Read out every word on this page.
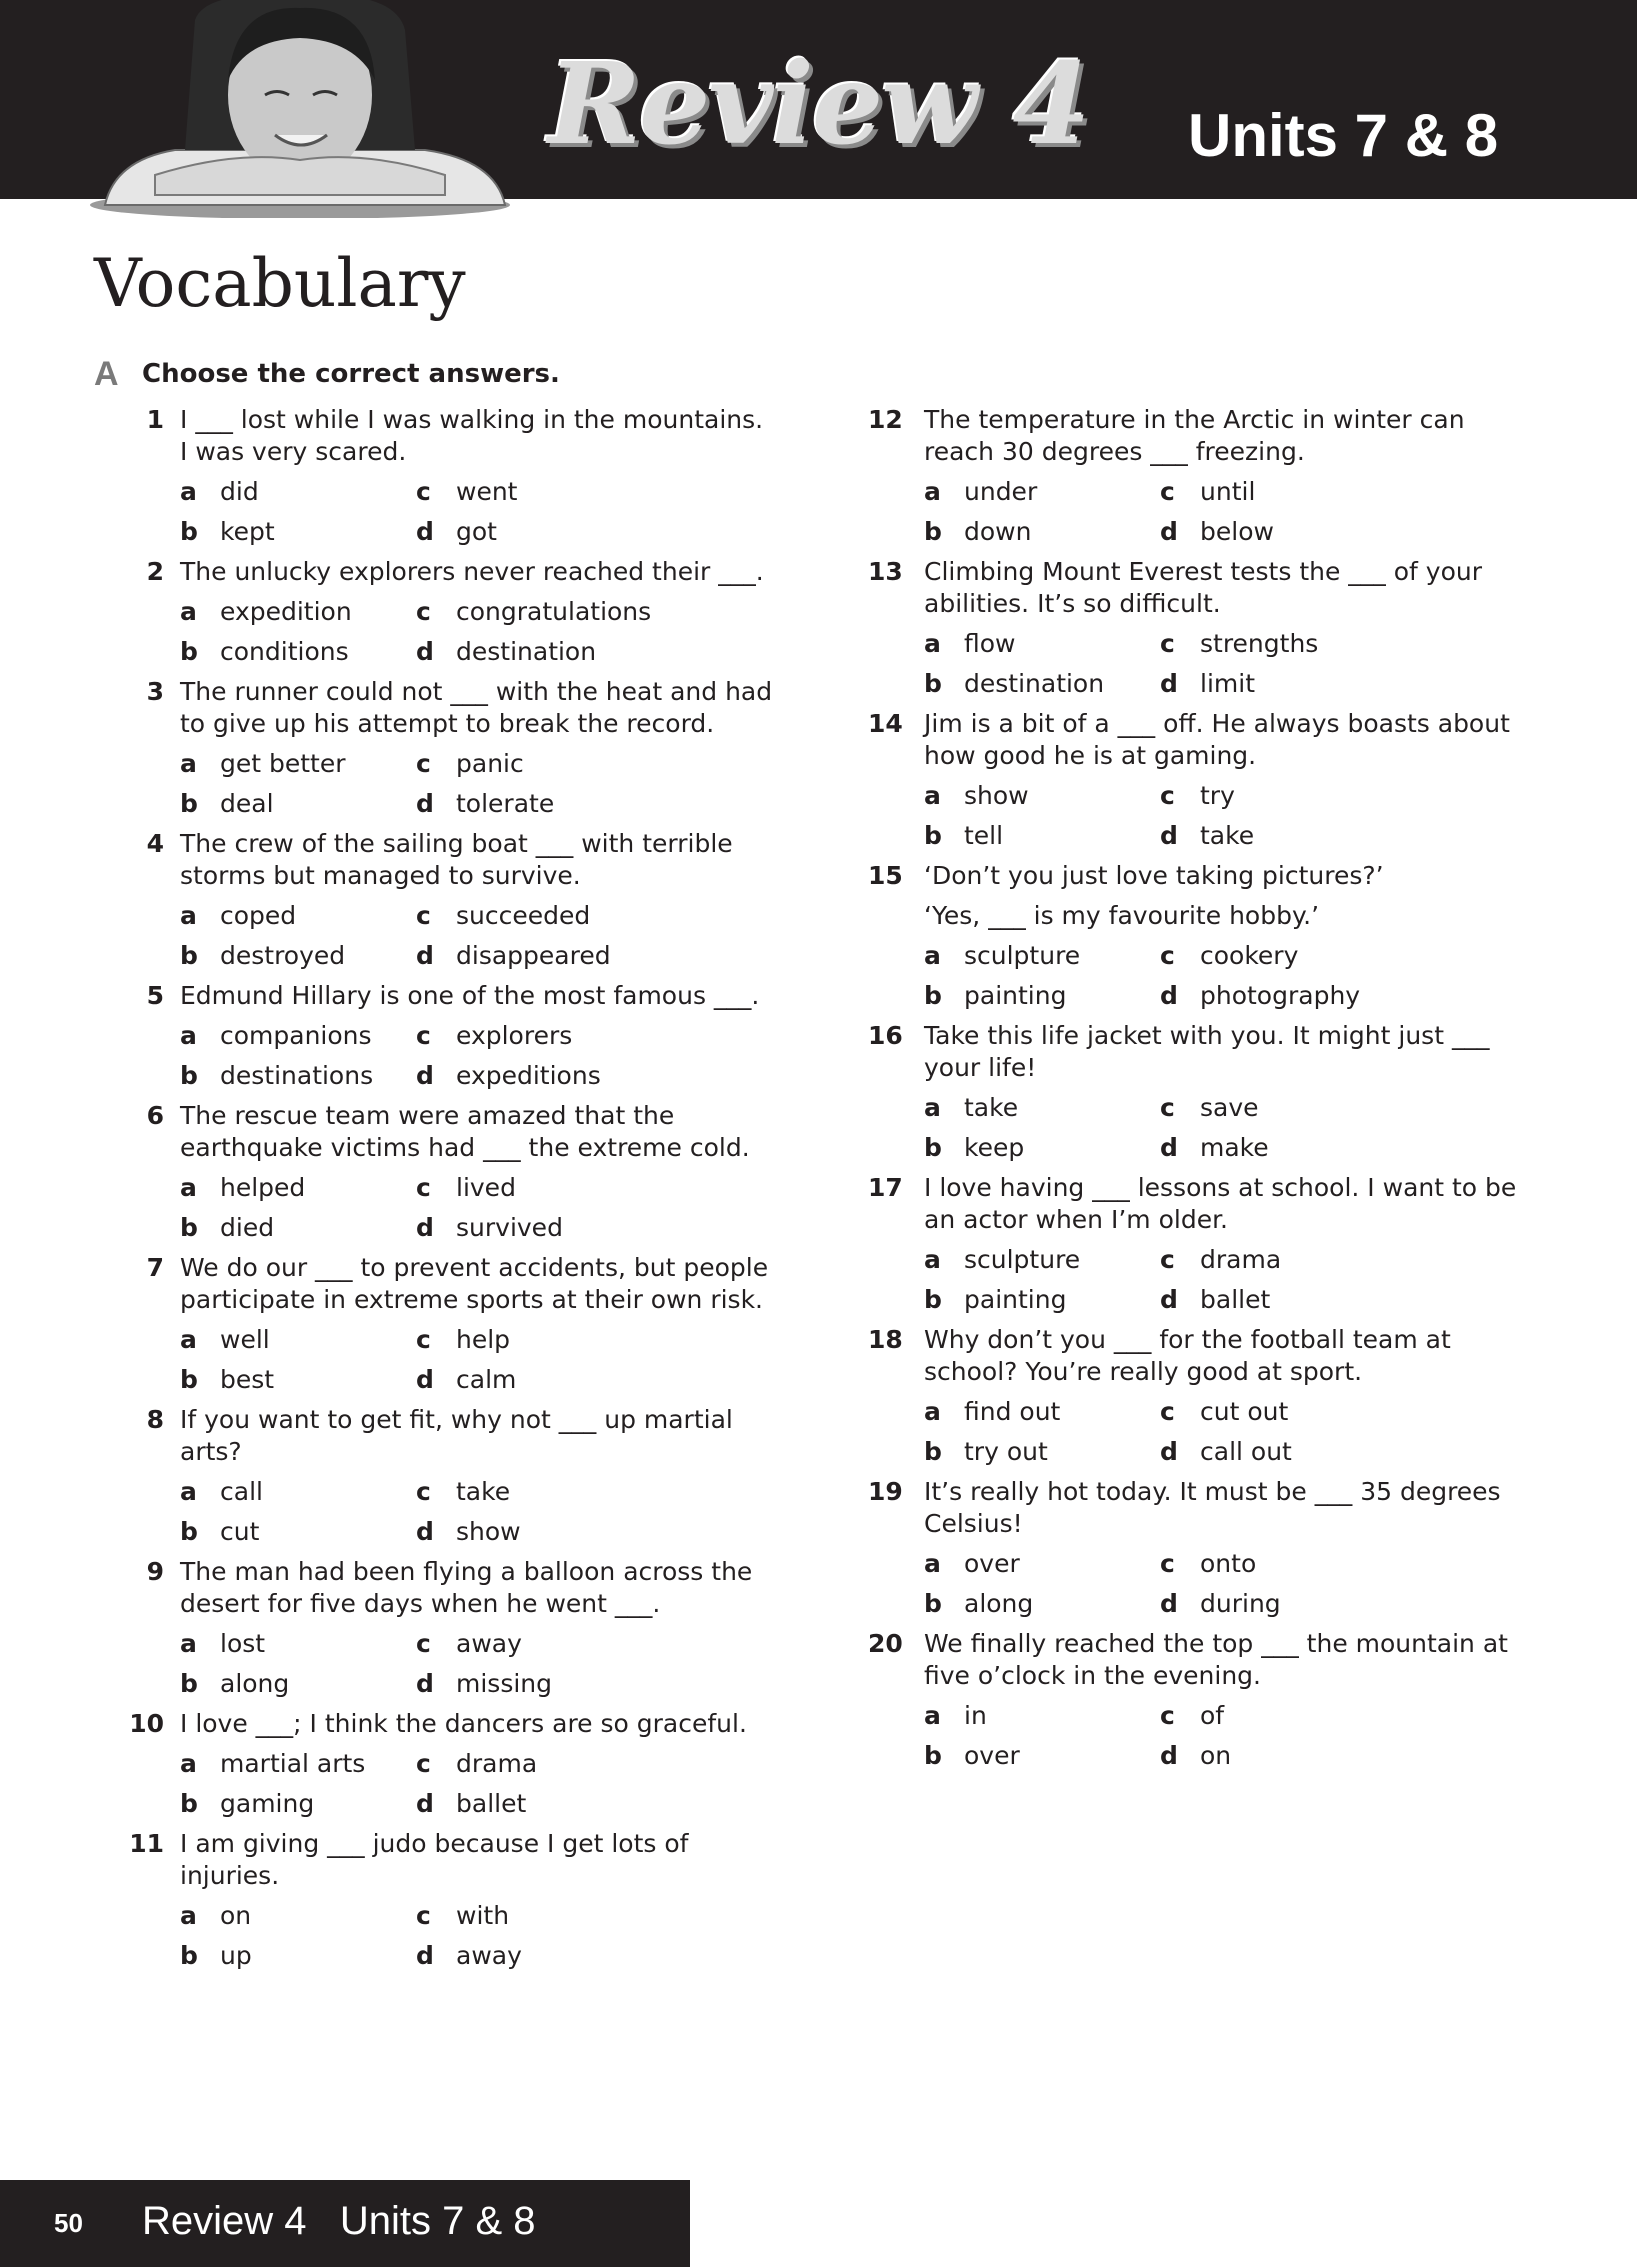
Review 4 Units 7 & 8
Vocabulary
A Choose the correct answers.
1 I ___ lost while I was walking in the mountains. I was very scared.
a did	c	went
b kept	d got
2 The unlucky explorers never reached their ___.
a expedition	c	congratulations
b conditions	d destination
3 The runner could not ___ with the heat and had to give up his attempt to break the record.
a get better	c	panic
b deal	d tolerate
4 The crew of the sailing boat ___ with terrible storms but managed to survive.
a coped	c	succeeded
b destroyed	d disappeared
5 Edmund Hillary is one of the most famous ___.
a companions c	explorers
b destinations d expeditions
6 The rescue team were amazed that the earthquake victims had ___ the extreme cold.
a helped	c	lived
b died	d survived
7 We do our ___ to prevent accidents, but people participate in extreme sports at their own risk.
a well	c	help
b best	d calm
8 If you want to get fit, why not ___ up martial arts?
a call	c	take
b cut	d show
9 The man had been flying a balloon across the desert for five days when he went ___.
a lost	c	away
b along	d missing
10 I love ___; I think the dancers are so graceful.
a martial arts c	drama
b gaming	d ballet
11 I am giving ___ judo because I get lots of injuries.
a on	c	with
b up	d away
12 The temperature in the Arctic in winter can reach 30 degrees ___ freezing.
a under	c	until
b down	d below
13 Climbing Mount Everest tests the ___ of your abilities. It’s so difficult.
a flow	c	strengths
b destination d limit
14 Jim is a bit of a ___ off. He always boasts about how good he is at gaming.
a show	c	try
b tell	d take
15 ‘Don’t you just love taking pictures?’
‘Yes, ___ is my favourite hobby.’
a sculpture	c	cookery
b painting	d photography
16 Take this life jacket with you. It might just ___ your life!
a take	c	save
b keep	d make
17 I love having ___ lessons at school. I want to be an actor when I’m older.
a sculpture	c	drama
b painting	d ballet
18 Why don’t you ___ for the football team at school? You’re really good at sport.
a find out	c	cut out
b try out	d call out
19 It’s really hot today. It must be ___ 35 degrees Celsius!
a over	c	onto
b along	d during
20 We finally reached the top ___ the mountain at five o’clock in the evening.
a in	c	of
b over	d on
50 Review 4   Units 7 & 8
